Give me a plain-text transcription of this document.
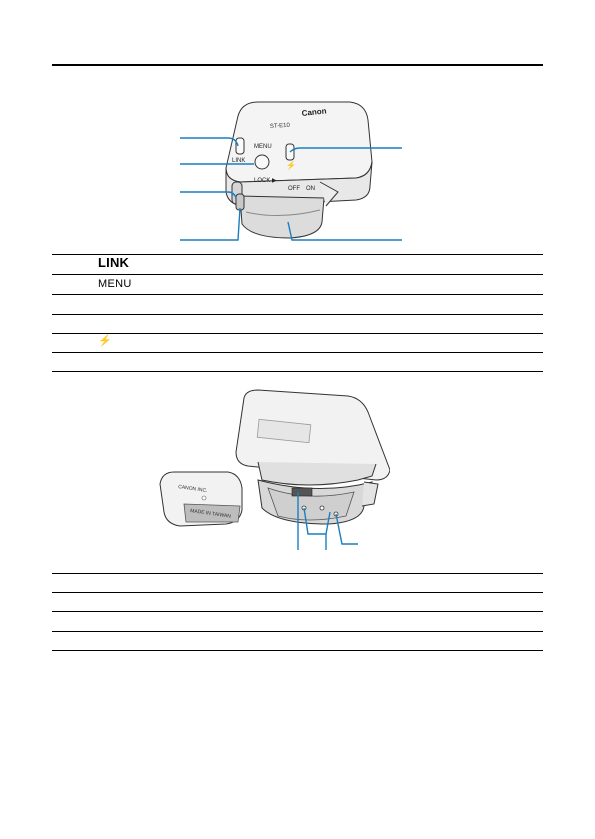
Canon
ST-E10
LINK
MENU
⚡
LOCK ▶
OFF ON
LINK
MENU
⚡
CANON INC.
MADE IN TAIWAN
